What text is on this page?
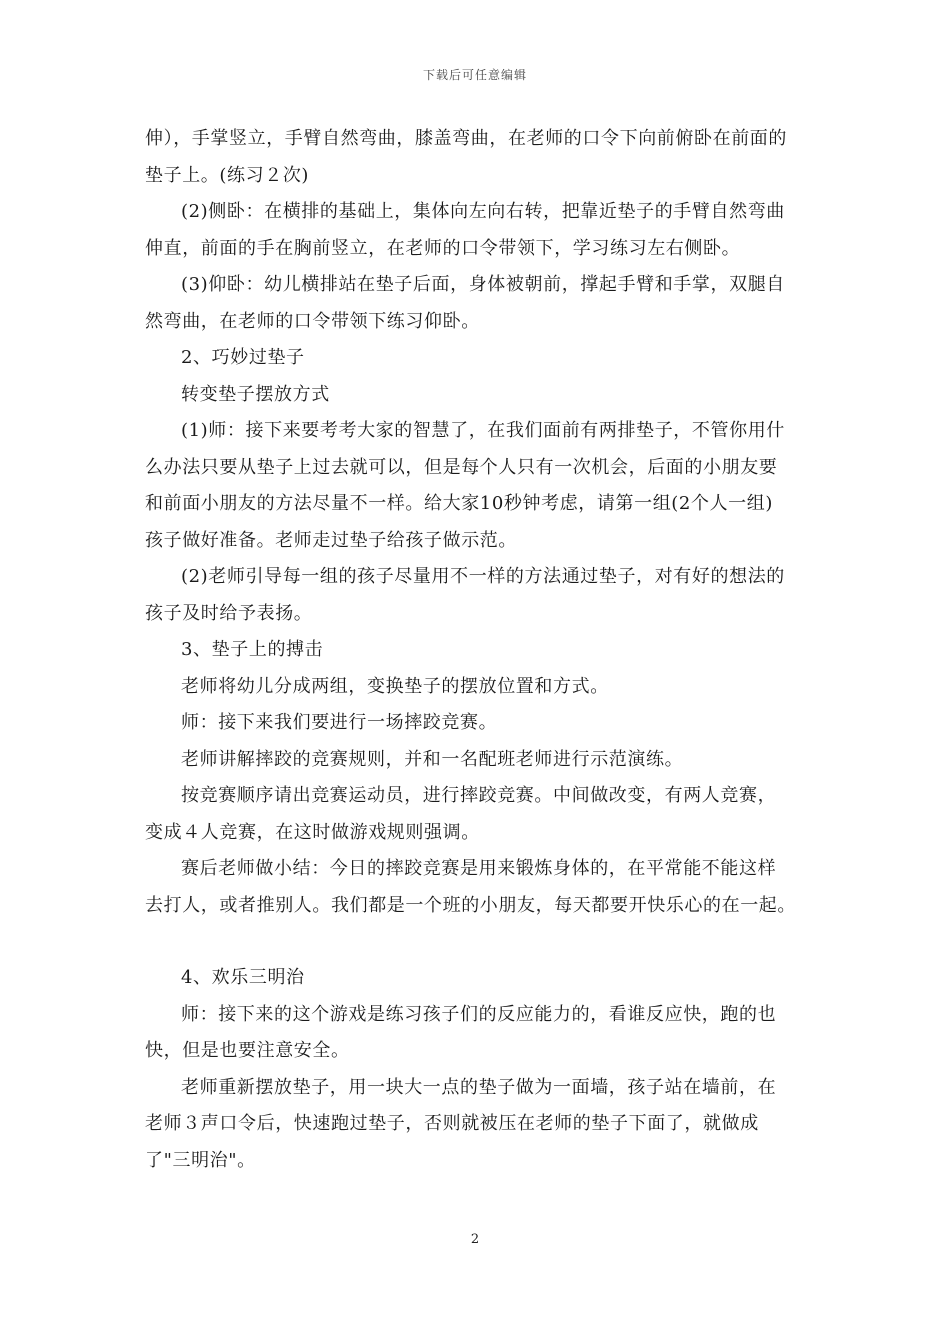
下载后可任意编辑
伸），手掌竖立，手臂自然弯曲，膝盖弯曲，在老师的口令下向前俯卧在前面的
垫子上。(练习２次)
(2)侧卧：在横排的基础上，集体向左向右转，把靠近垫子的手臂自然弯曲
伸直，前面的手在胸前竖立，在老师的口令带领下，学习练习左右侧卧。
(3)仰卧：幼儿横排站在垫子后面，身体被朝前，撑起手臂和手掌，双腿自
然弯曲，在老师的口令带领下练习仰卧。
2、巧妙过垫子
转变垫子摆放方式
(1)师：接下来要考考大家的智慧了，在我们面前有两排垫子，不管你用什
么办法只要从垫子上过去就可以，但是每个人只有一次机会，后面的小朋友要
和前面小朋友的方法尽量不一样。给大家10秒钟考虑，请第一组(2个人一组)
孩子做好准备。老师走过垫子给孩子做示范。
(2)老师引导每一组的孩子尽量用不一样的方法通过垫子，对有好的想法的
孩子及时给予表扬。
3、垫子上的搏击
老师将幼儿分成两组，变换垫子的摆放位置和方式。
师：接下来我们要进行一场摔跤竞赛。
老师讲解摔跤的竞赛规则，并和一名配班老师进行示范演练。
按竞赛顺序请出竞赛运动员，进行摔跤竞赛。中间做改变，有两人竞赛，
变成４人竞赛，在这时做游戏规则强调。
赛后老师做小结：今日的摔跤竞赛是用来锻炼身体的，在平常能不能这样
去打人，或者推别人。我们都是一个班的小朋友，每天都要开快乐心的在一起。
4、欢乐三明治
师：接下来的这个游戏是练习孩子们的反应能力的，看谁反应快，跑的也
快，但是也要注意安全。
老师重新摆放垫子，用一块大一点的垫子做为一面墙，孩子站在墙前，在
老师３声口令后，快速跑过垫子，否则就被压在老师的垫子下面了，就做成
了"三明治"。
2
